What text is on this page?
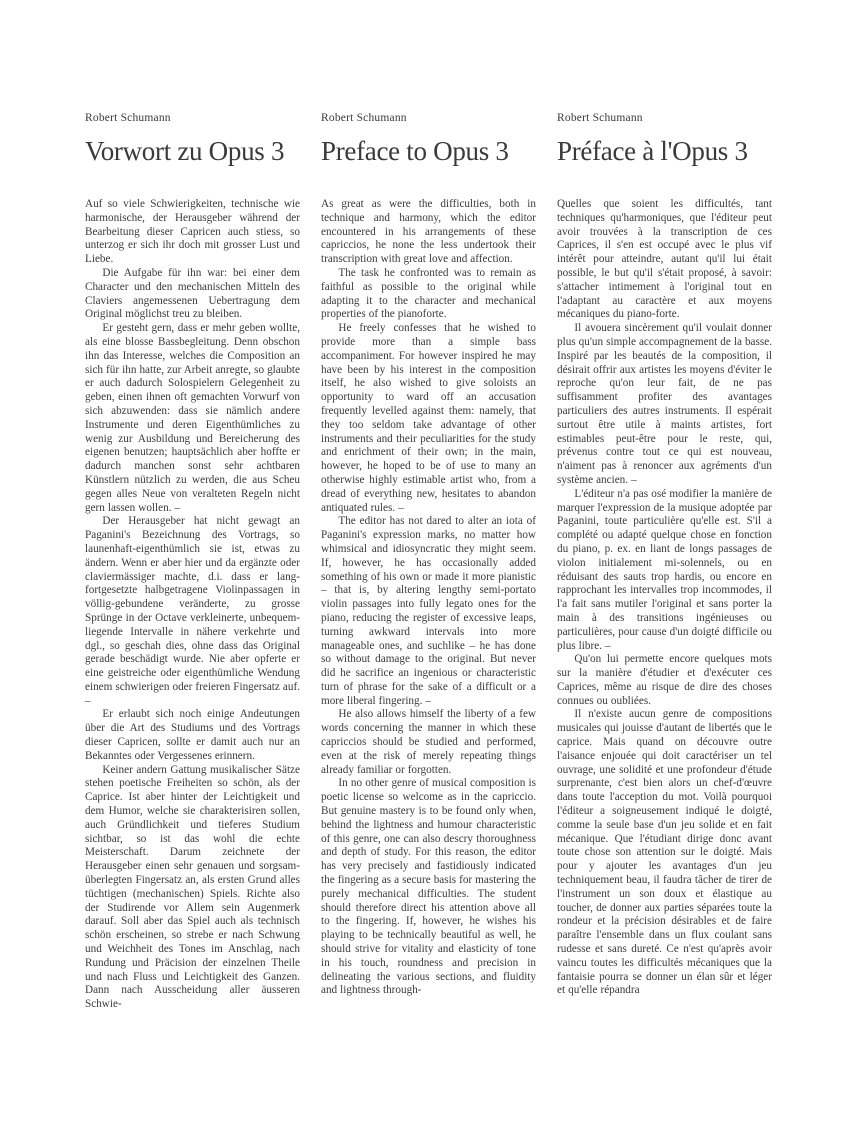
Robert Schumann

Vorwort zu Opus 3

Auf so viele Schwierigkeiten, technische wie harmonische, der Herausgeber während der Bearbeitung dieser Capricen auch stiess, so unterzog er sich ihr doch mit grosser Lust und Liebe.

Die Aufgabe für ihn war: bei einer dem Character und den mechanischen Mitteln des Claviers angemessenen Uebertragung dem Original möglichst treu zu bleiben.

Er gesteht gern, dass er mehr geben wollte, als eine blosse Bassbegleitung. Denn obschon ihn das Interesse, welches die Composition an sich für ihn hatte, zur Arbeit anregte, so glaubte er auch dadurch Solospielern Gelegenheit zu geben, einen ihnen oft gemachten Vorwurf von sich abzuwenden: dass sie nämlich andere Instrumente und deren Eigenthümliches zu wenig zur Ausbildung und Bereicherung des eigenen benutzen; hauptsächlich aber hoffte er dadurch manchen sonst sehr achtbaren Künstlern nützlich zu werden, die aus Scheu gegen alles Neue von veralteten Regeln nicht gern lassen wollen. –

Der Herausgeber hat nicht gewagt an Paganini's Bezeichnung des Vortrags, so launenhaft-eigenthümlich sie ist, etwas zu ändern. Wenn er aber hier und da ergänzte oder claviermässiger machte, d.i. dass er lang-fortgesetzte halbgetragene Violinpassagen in völlig-gebundene veränderte, zu grosse Sprünge in der Octave verkleinerte, unbequem-liegende Intervalle in nähere verkehrte und dgl., so geschah dies, ohne dass das Original gerade beschädigt wurde. Nie aber opferte er eine geistreiche oder eigenthümliche Wendung einem schwierigen oder freieren Fingersatz auf. –

Er erlaubt sich noch einige Andeutungen über die Art des Studiums und des Vortrags dieser Capricen, sollte er damit auch nur an Bekanntes oder Vergessenes erinnern.

Keiner andern Gattung musikalischer Sätze stehen poetische Freiheiten so schön, als der Caprice. Ist aber hinter der Leichtigkeit und dem Humor, welche sie charakterisiren sollen, auch Gründlichkeit und tieferes Studium sichtbar, so ist das wohl die echte Meisterschaft. Darum zeichnete der Herausgeber einen sehr genauen und sorgsam-überlegten Fingersatz an, als ersten Grund alles tüchtigen (mechanischen) Spiels. Richte also der Studirende vor Allem sein Augenmerk darauf. Soll aber das Spiel auch als technisch schön erscheinen, so strebe er nach Schwung und Weichheit des Tones im Anschlag, nach Rundung und Präcision der einzelnen Theile und nach Fluss und Leichtigkeit des Ganzen. Dann nach Ausscheidung aller äusseren Schwie-

Robert Schumann

Preface to Opus 3

As great as were the difficulties, both in technique and harmony, which the editor encountered in his arrangements of these capriccios, he none the less undertook their transcription with great love and affection.

The task he confronted was to remain as faithful as possible to the original while adapting it to the character and mechanical properties of the pianoforte.

He freely confesses that he wished to provide more than a simple bass accompaniment. For however inspired he may have been by his interest in the composition itself, he also wished to give soloists an opportunity to ward off an accusation frequently levelled against them: namely, that they too seldom take advantage of other instruments and their peculiarities for the study and enrichment of their own; in the main, however, he hoped to be of use to many an otherwise highly estimable artist who, from a dread of everything new, hesitates to abandon antiquated rules. –

The editor has not dared to alter an iota of Paganini's expression marks, no matter how whimsical and idiosyncratic they might seem. If, however, he has occasionally added something of his own or made it more pianistic – that is, by altering lengthy semi-portato violin passages into fully legato ones for the piano, reducing the register of excessive leaps, turning awkward intervals into more manageable ones, and suchlike – he has done so without damage to the original. But never did he sacrifice an ingenious or characteristic turn of phrase for the sake of a difficult or a more liberal fingering. –

He also allows himself the liberty of a few words concerning the manner in which these capriccios should be studied and performed, even at the risk of merely repeating things already familiar or forgotten.

In no other genre of musical composition is poetic license so welcome as in the capriccio. But genuine mastery is to be found only when, behind the lightness and humour characteristic of this genre, one can also descry thoroughness and depth of study. For this reason, the editor has very precisely and fastidiously indicated the fingering as a secure basis for mastering the purely mechanical difficulties. The student should therefore direct his attention above all to the fingering. If, however, he wishes his playing to be technically beautiful as well, he should strive for vitality and elasticity of tone in his touch, roundness and precision in delineating the various sections, and fluidity and lightness through-

Robert Schumann

Préface à l'Opus 3

Quelles que soient les difficultés, tant techniques qu'harmoniques, que l'éditeur peut avoir trouvées à la transcription de ces Caprices, il s'en est occupé avec le plus vif intérêt pour atteindre, autant qu'il lui était possible, le but qu'il s'était proposé, à savoir: s'attacher intimement à l'original tout en l'adaptant au caractère et aux moyens mécaniques du piano-forte.

Il avouera sincèrement qu'il voulait donner plus qu'un simple accompagnement de la basse. Inspiré par les beautés de la composition, il désirait offrir aux artistes les moyens d'éviter le reproche qu'on leur fait, de ne pas suffisamment profiter des avantages particuliers des autres instruments. Il espérait surtout être utile à maints artistes, fort estimables peut-être pour le reste, qui, prévenus contre tout ce qui est nouveau, n'aiment pas à renoncer aux agréments d'un système ancien. –

L'éditeur n'a pas osé modifier la manière de marquer l'expression de la musique adoptée par Paganini, toute particulière qu'elle est. S'il a complété ou adapté quelque chose en fonction du piano, p. ex. en liant de longs passages de violon initialement mi-solennels, ou en réduisant des sauts trop hardis, ou encore en rapprochant les intervalles trop incommodes, il l'a fait sans mutiler l'original et sans porter la main à des transitions ingénieuses ou particulières, pour cause d'un doigté difficile ou plus libre. –

Qu'on lui permette encore quelques mots sur la manière d'étudier et d'exécuter ces Caprices, même au risque de dire des choses connues ou oubliées.

Il n'existe aucun genre de compositions musicales qui jouisse d'autant de libertés que le caprice. Mais quand on découvre outre l'aisance enjouée qui doit caractériser un tel ouvrage, une solidité et une profondeur d'étude surprenante, c'est bien alors un chef-d'œuvre dans toute l'acception du mot. Voilà pourquoi l'éditeur a soigneusement indiqué le doigté, comme la seule base d'un jeu solide et en fait mécanique. Que l'étudiant dirige donc avant toute chose son attention sur le doigté. Mais pour y ajouter les avantages d'un jeu techniquement beau, il faudra tâcher de tirer de l'instrument un son doux et élastique au toucher, de donner aux parties séparées toute la rondeur et la précision désirables et de faire paraître l'ensemble dans un flux coulant sans rudesse et sans dureté. Ce n'est qu'après avoir vaincu toutes les difficultés mécaniques que la fantaisie pourra se donner un élan sûr et léger et qu'elle répandra
